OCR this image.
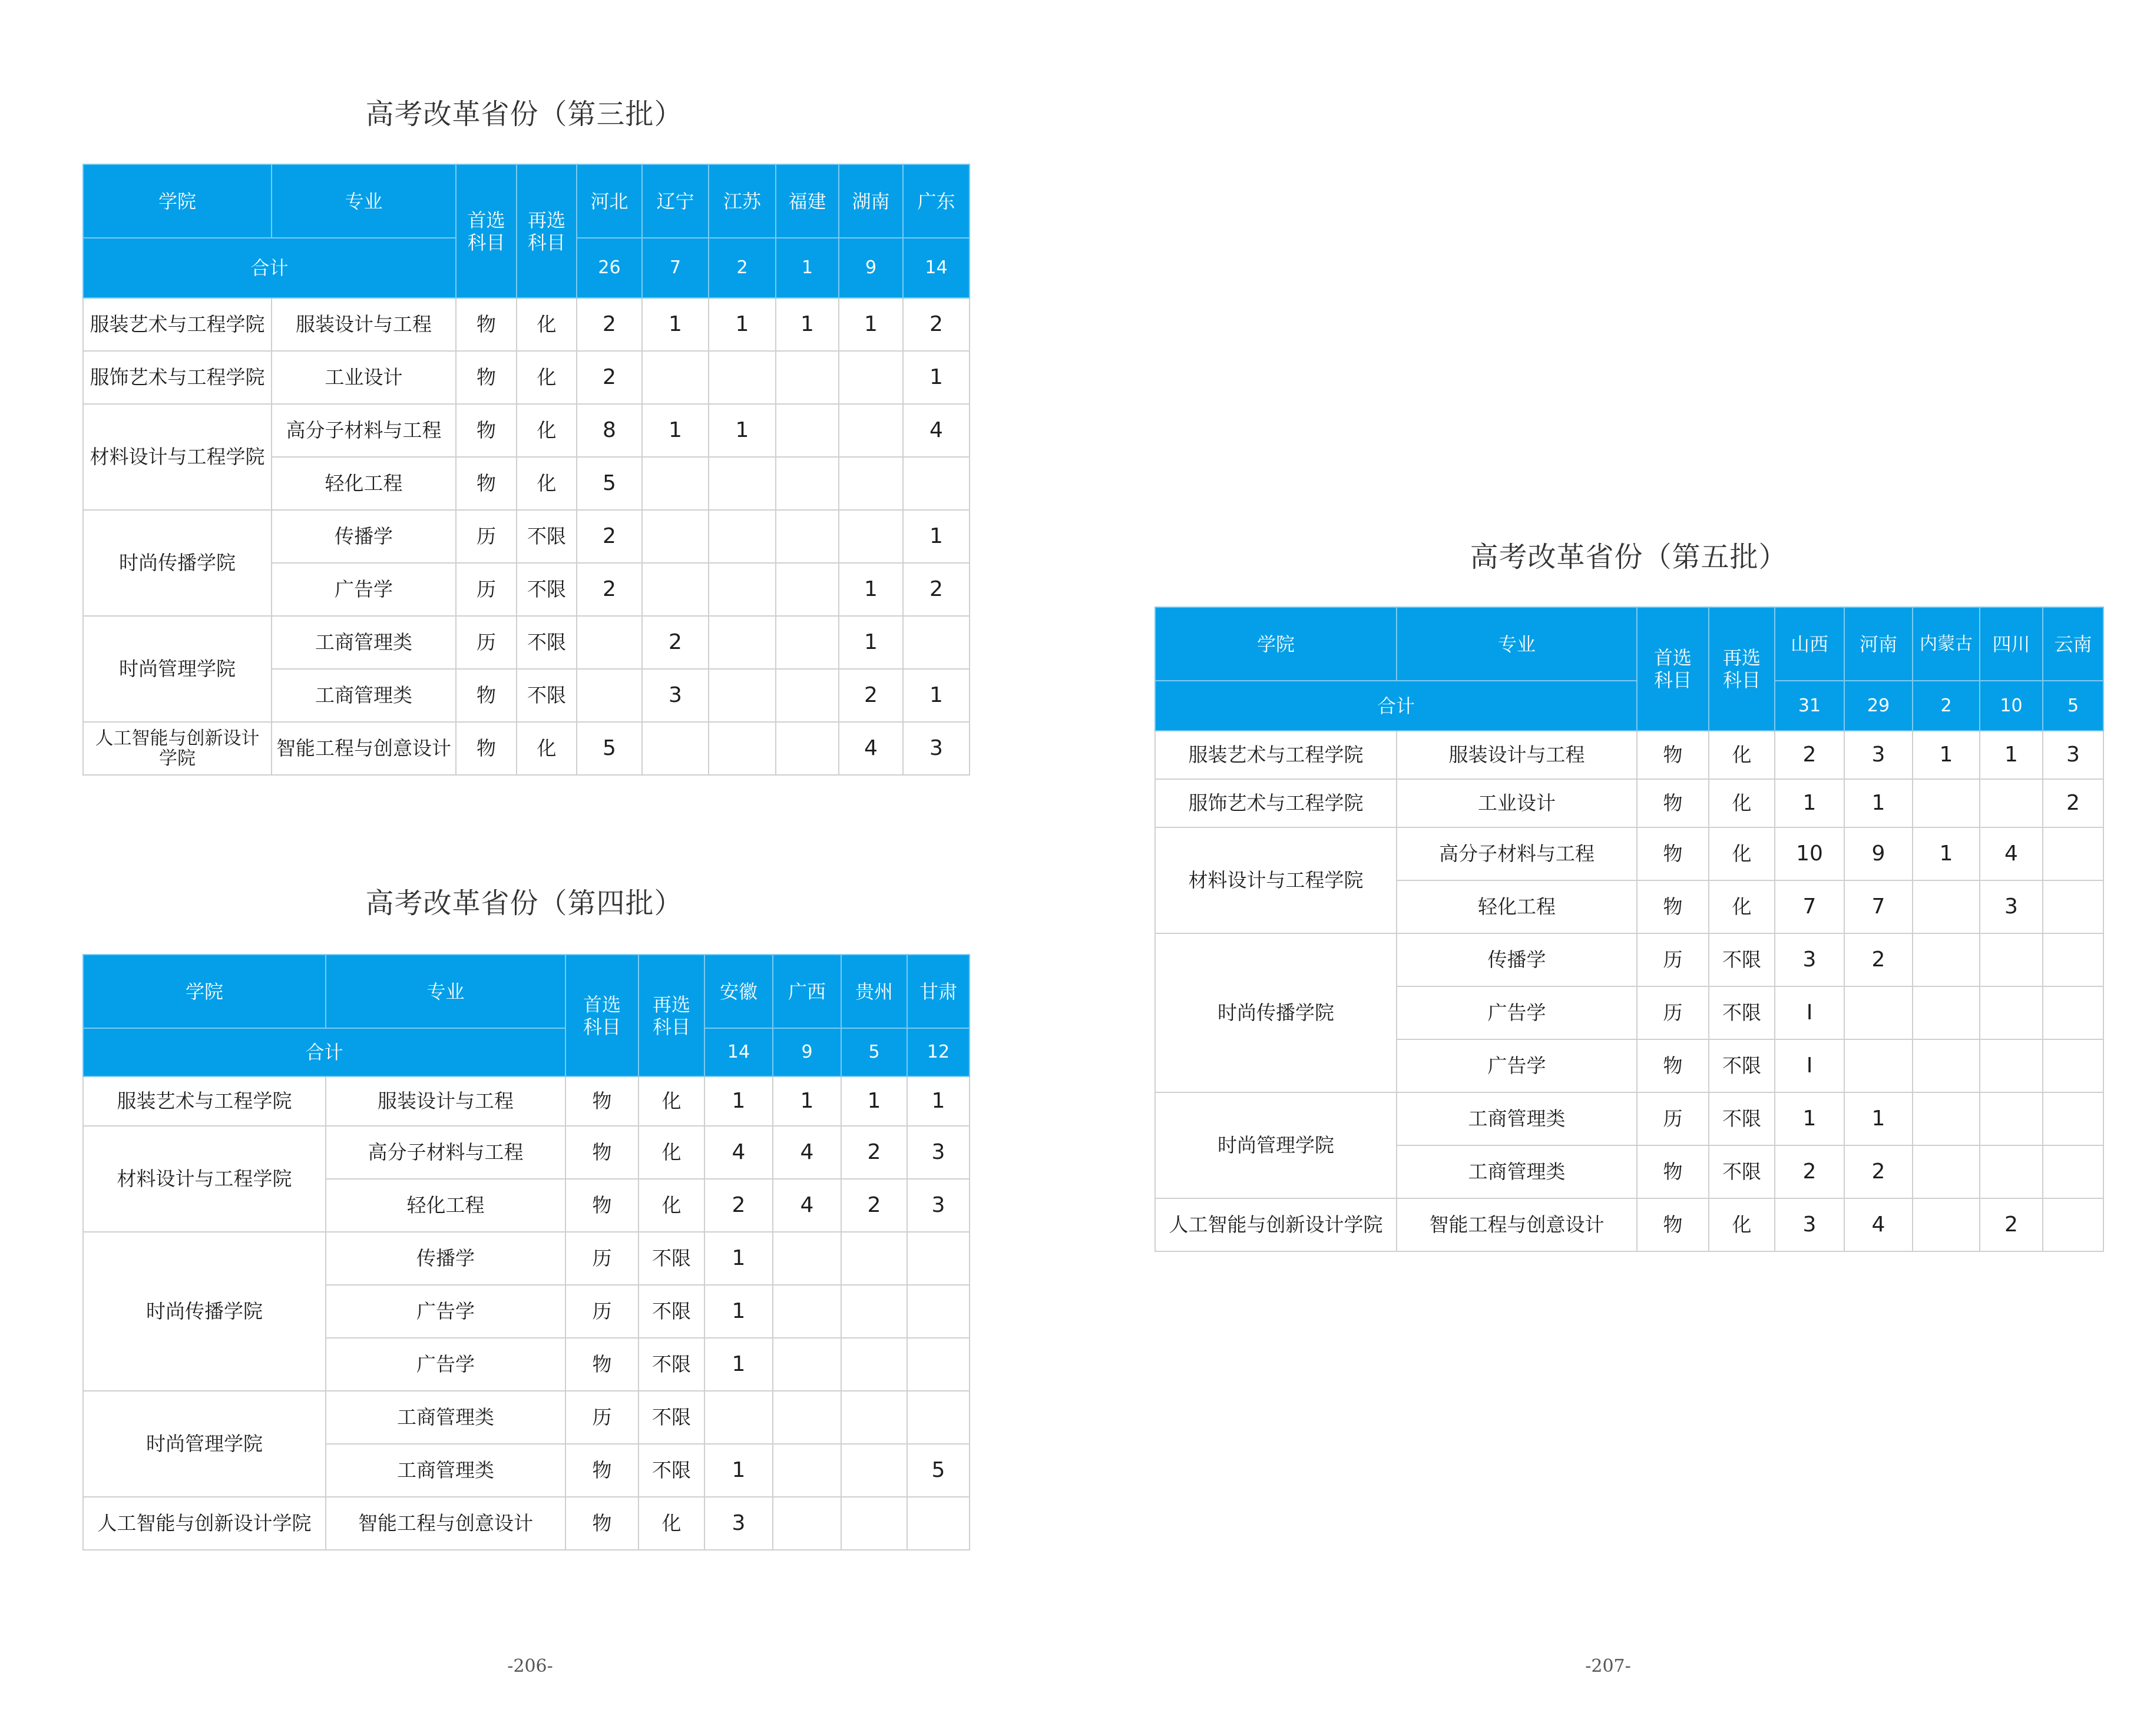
高考改革省份（第三批）
学院	专业	首选科目	再选科目	河北	辽宁	江苏	福建	湖南	广东
合计				26	7	2	1	9	14
服装艺术与工程学院	服装设计与工程	物	化	2	1	1	1	1	2
服饰艺术与工程学院	工业设计	物	化	2					1
材料设计与工程学院	高分子材料与工程	物	化	8	1	1			4
	轻化工程	物	化	5					
时尚传播学院	传播学	历	不限	2					1
	广告学	历	不限	2				1	2
时尚管理学院	工商管理类	历	不限		2			1	
	工商管理类	物	不限		3			2	1
人工智能与创新设计学院	智能工程与创意设计	物	化	5				4	3
高考改革省份（第四批）
学院	专业	首选科目	再选科目	安徽	广西	贵州	甘肃
合计				14	9	5	12
服装艺术与工程学院	服装设计与工程	物	化	1	1	1	1
材料设计与工程学院	高分子材料与工程	物	化	4	4	2	3
	轻化工程	物	化	2	4	2	3
时尚传播学院	传播学	历	不限	1			
	广告学	历	不限	1			
	广告学	物	不限	1			
时尚管理学院	工商管理类	历	不限				
	工商管理类	物	不限	1			5
人工智能与创新设计学院	智能工程与创意设计	物	化	3			
高考改革省份（第五批）
学院	专业	首选科目	再选科目	山西	河南	内蒙古	四川	云南
合计				31	29	2	10	5
服装艺术与工程学院	服装设计与工程	物	化	2	3	1	1	3
服饰艺术与工程学院	工业设计	物	化	1	1			2
材料设计与工程学院	高分子材料与工程	物	化	10	9	1	4	
	轻化工程	物	化	7	7		3	
时尚传播学院	传播学	历	不限	3	2			
	广告学	历	不限	I				
	广告学	物	不限	I				
时尚管理学院	工商管理类	历	不限	1	1			
	工商管理类	物	不限	2	2			
人工智能与创新设计学院	智能工程与创意设计	物	化	3	4		2	
-206-	-207-
